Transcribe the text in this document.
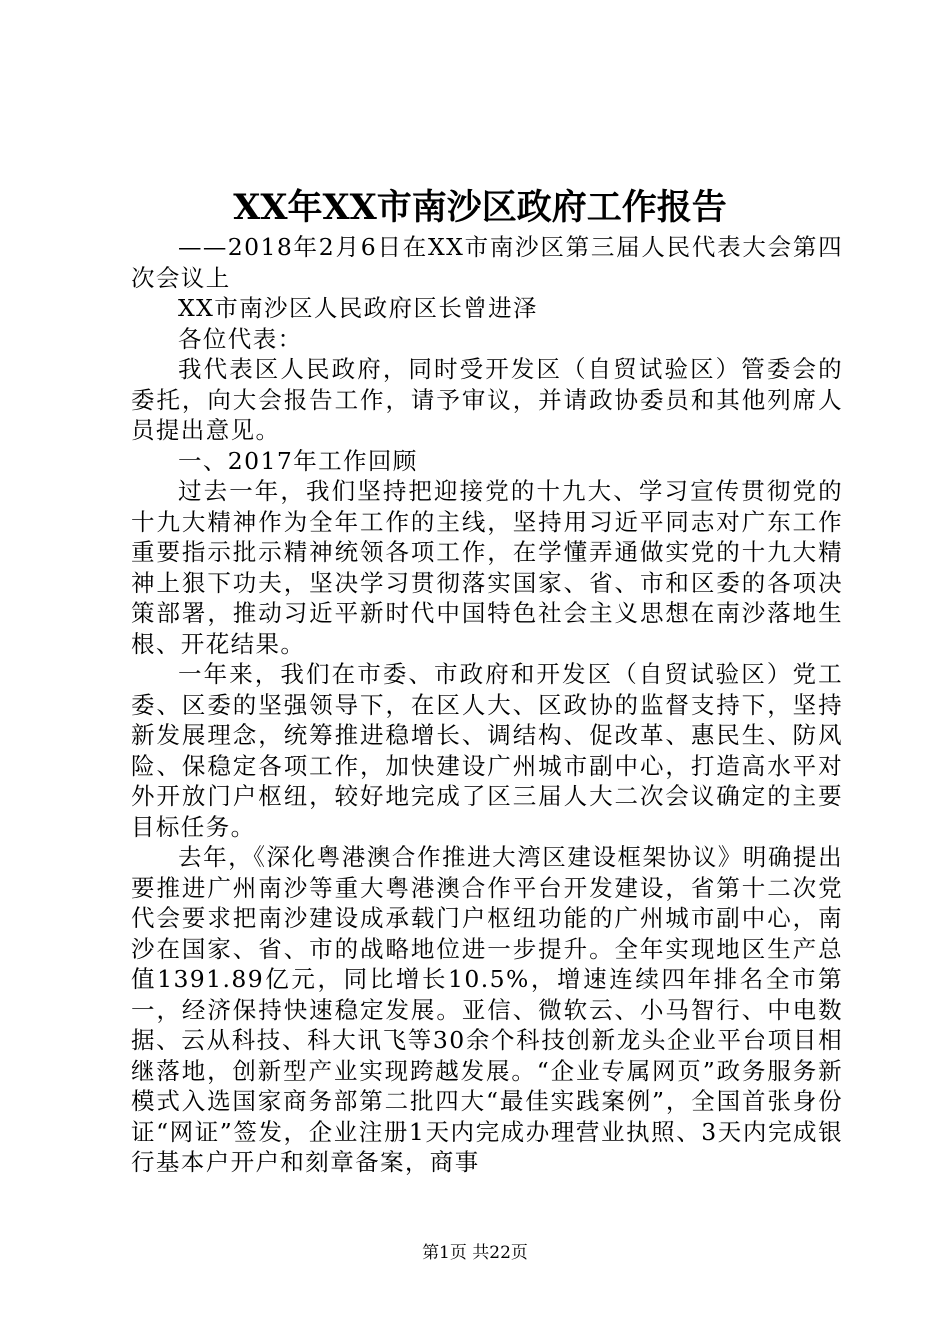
XX年XX市南沙区政府工作报告

——2018年2月6日在XX市南沙区第三届人民代表大会第四次会议上

XX市南沙区人民政府区长曾进泽

各位代表：

我代表区人民政府，同时受开发区（自贸试验区）管委会的委托，向大会报告工作，请予审议，并请政协委员和其他列席人员提出意见。

一、2017年工作回顾

过去一年，我们坚持把迎接党的十九大、学习宣传贯彻党的十九大精神作为全年工作的主线，坚持用习近平同志对广东工作重要指示批示精神统领各项工作，在学懂弄通做实党的十九大精神上狠下功夫，坚决学习贯彻落实国家、省、市和区委的各项决策部署，推动习近平新时代中国特色社会主义思想在南沙落地生根、开花结果。

一年来，我们在市委、市政府和开发区（自贸试验区）党工委、区委的坚强领导下，在区人大、区政协的监督支持下，坚持新发展理念，统筹推进稳增长、调结构、促改革、惠民生、防风险、保稳定各项工作，加快建设广州城市副中心，打造高水平对外开放门户枢纽，较好地完成了区三届人大二次会议确定的主要目标任务。

去年，《深化粤港澳合作推进大湾区建设框架协议》明确提出要推进广州南沙等重大粤港澳合作平台开发建设，省第十二次党代会要求把南沙建设成承载门户枢纽功能的广州城市副中心，南沙在国家、省、市的战略地位进一步提升。全年实现地区生产总值1391.89亿元，同比增长10.5%，增速连续四年排名全市第一，经济保持快速稳定发展。亚信、微软云、小马智行、中电数据、云从科技、科大讯飞等30余个科技创新龙头企业平台项目相继落地，创新型产业实现跨越发展。“企业专属网页”政务服务新模式入选国家商务部第二批四大“最佳实践案例”，全国首张身份证“网证”签发，企业注册1天内完成办理营业执照、3天内完成银行基本户开户和刻章备案，商事

第1页 共22页
